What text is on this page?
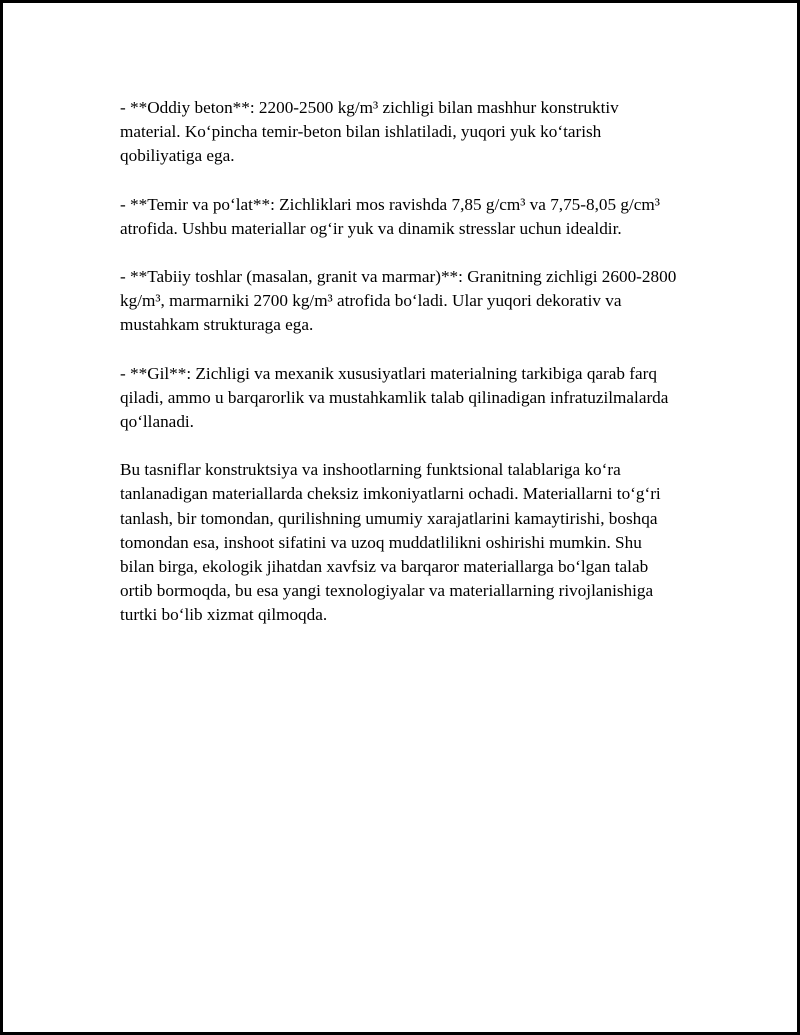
- **Oddiy beton**: 2200-2500 kg/m³ zichligi bilan mashhur konstruktiv material. Ko‘pincha temir-beton bilan ishlatiladi, yuqori yuk ko‘tarish qobiliyatiga ega.

- **Temir va po‘lat**: Zichliklari mos ravishda 7,85 g/cm³ va 7,75-8,05 g/cm³ atrofida. Ushbu materiallar og‘ir yuk va dinamik stresslar uchun idealdir.

- **Tabiiy toshlar (masalan, granit va marmar)**: Granitning zichligi 2600-2800 kg/m³, marmarniki 2700 kg/m³ atrofida bo‘ladi. Ular yuqori dekorativ va mustahkam strukturaga ega.

- **Gil**: Zichligi va mexanik xususiyatlari materialning tarkibiga qarab farq qiladi, ammo u barqarorlik va mustahkamlik talab qilinadigan infratuzilmalarda qo‘llanadi.

Bu tasniflar konstruktsiya va inshootlarning funktsional talablariga ko‘ra tanlanadigan materiallarda cheksiz imkoniyatlarni ochadi. Materiallarni to‘g‘ri tanlash, bir tomondan, qurilishning umumiy xarajatlarini kamaytirishi, boshqa tomondan esa, inshoot sifatini va uzoq muddatlilikni oshirishi mumkin. Shu bilan birga, ekologik jihatdan xavfsiz va barqaror materiallarga bo‘lgan talab ortib bormoqda, bu esa yangi texnologiyalar va materiallarning rivojlanishiga turtki bo‘lib xizmat qilmoqda.
